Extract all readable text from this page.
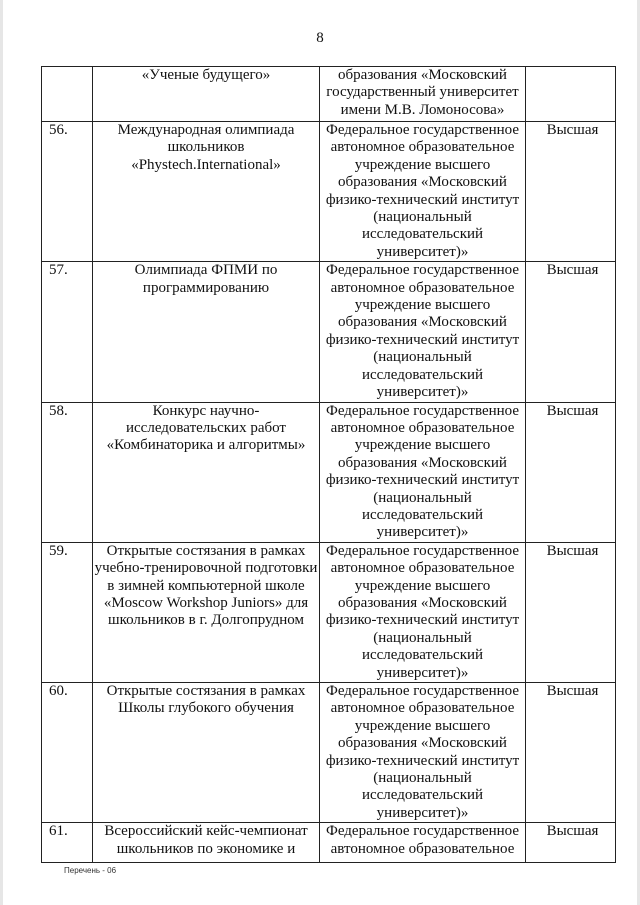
8
	«Ученые будущего»	образования «Московский государственный университет имени М.В. Ломоносова»	

56.	Международная олимпиада школьников «Phystech.International»	Федеральное государственное автономное образовательное учреждение высшего образования «Московский физико-технический институт (национальный исследовательский университет)»	Высшая

57.	Олимпиада ФПМИ по программированию	Федеральное государственное автономное образовательное учреждение высшего образования «Московский физико-технический институт (национальный исследовательский университет)»	Высшая

58.	Конкурс научно-исследовательских работ «Комбинаторика и алгоритмы»	Федеральное государственное автономное образовательное учреждение высшего образования «Московский физико-технический институт (национальный исследовательский университет)»	Высшая

59.	Открытые состязания в рамках учебно-тренировочной подготовки в зимней компьютерной школе «Moscow Workshop Juniors» для школьников в г. Долгопрудном	Федеральное государственное автономное образовательное учреждение высшего образования «Московский физико-технический институт (национальный исследовательский университет)»	Высшая

60.	Открытые состязания в рамках Школы глубокого обучения	Федеральное государственное автономное образовательное учреждение высшего образования «Московский физико-технический институт (национальный исследовательский университет)»	Высшая

61.	Всероссийский кейс-чемпионат школьников по экономике и	Федеральное государственное автономное образовательное	Высшая
Перечень - 06
